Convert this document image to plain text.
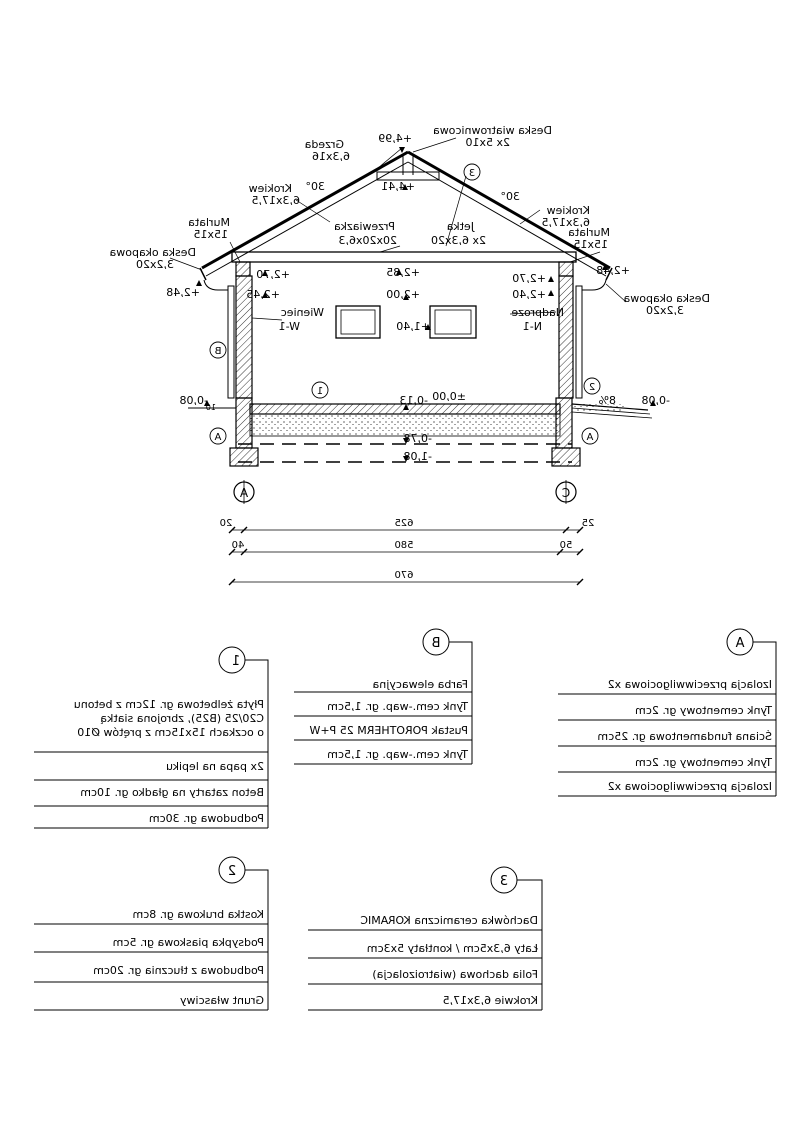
Deska wiatrownicowa
2x 5x10
Grzeda
6,3x16
+4,99
+4,41
Krokiew
6,3x17,5
30°
30°
Krokiew
6,3x17,5
Przewiazka
20x20x6,3
Jetka
2x 6,3x20
Murlata
15x15	Murlata
15x15
Deska okapowa
3,2x20
Deska okapowa
3,2x20
+2,48
+2,48
+2,85
+2,70
+2,45
+2,70
+2,40
Wieniec
W-1
Nadproze
N-1
+2,00
+1,40
±0,00
-0,13
-0,08	-0,08
8%
10
-0,78
-1,08
3
B
1	2
A	A
A	C
625
20	25
580
40	50
670
1
Płyta żelbetowa gr. 12cm z betonu
C20/25 (B25), zbrojona siatką
o oczkach 15x15cm z prętów Ø10
2x papa na lepiku
Beton zatarty na gładko gr. 10cm
Podbudowa gr. 30cm
B
Farba elewacyjna
Tynk cem.-wap. gr. 1,5cm
Pustak POROTHERM 25 P+W
Tynk cem.-wap. gr. 1,5cm
A
Izolacja przeciwwilgociowa x2
Tynk cementowy gr. 2cm
Ściana fundamentowa gr. 25cm
Tynk cementowy gr. 2cm
Izolacja przeciwwilgociowa x2
2
Kostka brukowa gr. 8cm
Podsypka piaskowa gr. 5cm
Podbudowa z tłucznia gr. 20cm
Grunt własciwy
3
Dachówka ceramiczna KORAMIC
Łaty 6,3x5cm / kontłaty 5x3cm
Folia dachowa (wiatroizolacja)
Krokwie 6,3x17,5
